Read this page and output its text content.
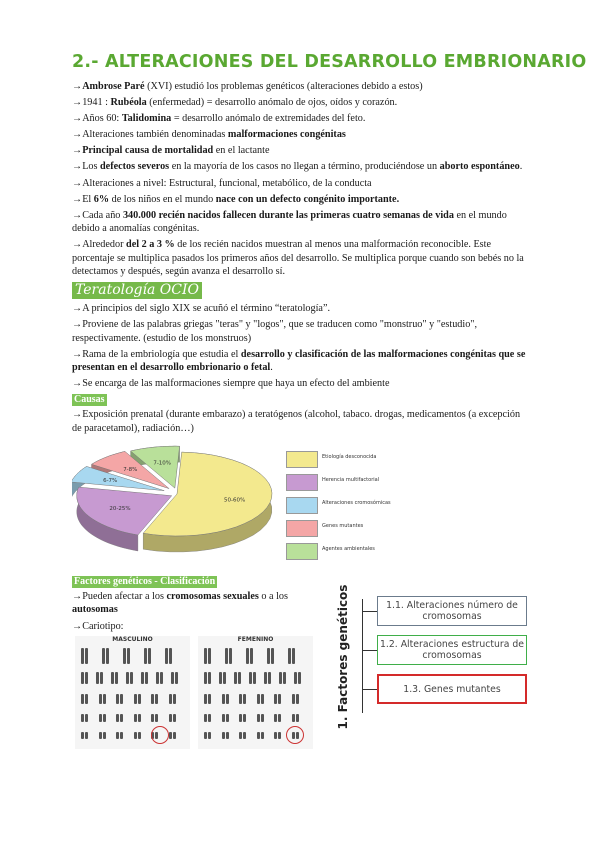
2.- ALTERACIONES DEL DESARROLLO EMBRIONARIO
→Ambrose Paré (XVI) estudió los problemas genéticos (alteraciones debido a estos)
→1941 : Rubéola (enfermedad) = desarrollo anómalo de ojos, oídos y corazón.
→Años 60: Talidomina = desarrollo anómalo de extremidades del feto.
→Alteraciones también denominadas malformaciones congénitas
→Principal causa de mortalidad en el lactante
→Los defectos severos en la mayoría de los casos no llegan a término, produciéndose un aborto espontáneo.
→Alteraciones a nivel: Estructural, funcional, metabólico, de la conducta
→El 6% de los niños en el mundo nace con un defecto congénito importante.
→Cada año 340.000 recién nacidos fallecen durante las primeras cuatro semanas de vida en el mundo debido a anomalías congénitas.
→Alrededor del 2 a 3 % de los recién nacidos muestran al menos una malformación reconocible. Este porcentaje se multiplica pasados los primeros años del desarrollo. Se multiplica porque cuando son bebés no la detectamos y después, según avanza el desarrollo sí.
Teratología OCIO
→A principios del siglo XIX se acuñó el término “teratología”.
→Proviene de las palabras griegas "teras" y "logos", que se traducen como "monstruo" y "estudio", respectivamente. (estudio de los monstruos)
→Rama de la embriología que estudia el desarrollo y clasificación de las malformaciones congénitas que se presentan en el desarrollo embrionario o fetal.
→Se encarga de las malformaciones siempre que haya un efecto del ambiente
Causas
→Exposición prenatal (durante embarazo) a teratógenos (alcohol, tabaco. drogas, medicamentos (a excepción de paracetamol), radiación…)
50-60%
20-25%
6-7%
7-8%
7-10%
Etiología desconocida
Herencia multifactorial
Alteraciones cromosómicas
Genes mutantes
Agentes ambientales
Factores genéticos - Clasificación
→Pueden afectar a los cromosomas sexuales o a los autosomas
→Cariotipo:
MASCULINO	FEMENINO	1. Factores genéticos	1.1. Alteraciones número de cromosomas
1.2. Alteraciones estructura de cromosomas
1.3. Genes mutantes
